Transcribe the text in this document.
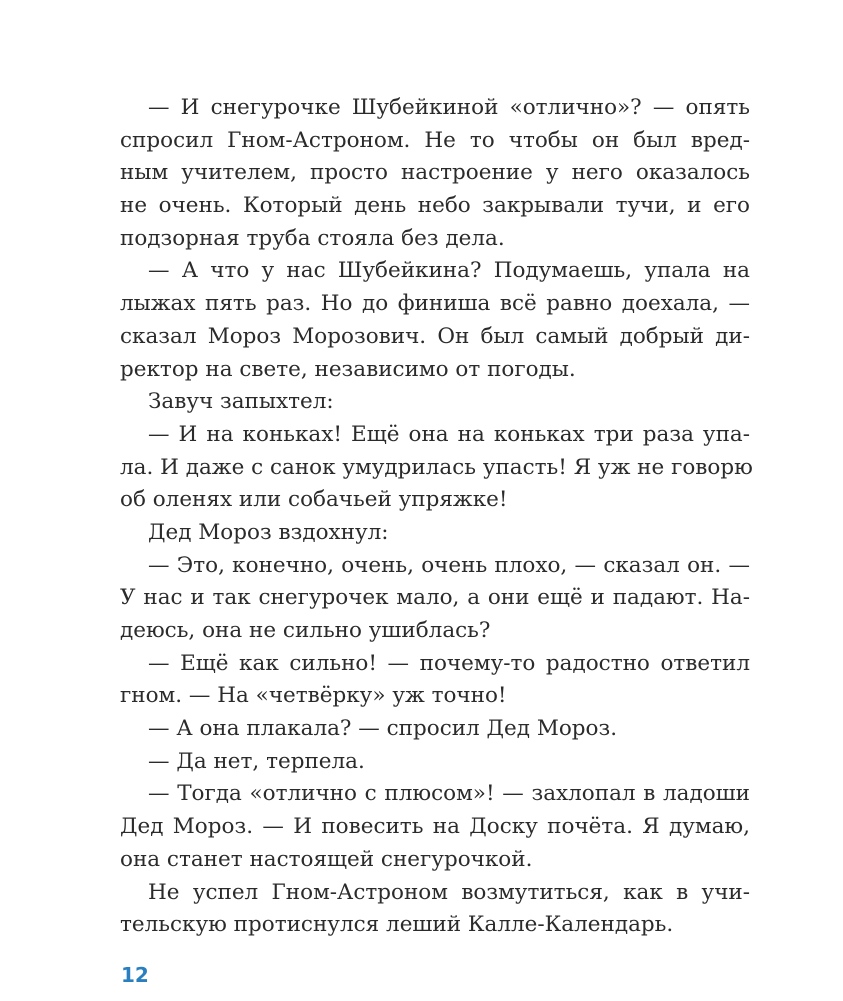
— И снегурочке Шубейкиной «отлично»? — опять
спросил Гном-Астроном. Не то чтобы он был вред-
ным учителем, просто настроение у него оказалось
не очень. Который день небо закрывали тучи, и его
подзорная труба стояла без дела.
— А что у нас Шубейкина? Подумаешь, упала на
лыжах пять раз. Но до финиша всё равно доехала, —
сказал Мороз Морозович. Он был самый добрый ди-
ректор на свете, независимо от погоды.
Завуч запыхтел:
— И на коньках! Ещё она на коньках три раза упа-
ла. И даже с санок умудрилась упасть! Я уж не говорю
об оленях или собачьей упряжке!
Дед Мороз вздохнул:
— Это, конечно, очень, очень плохо, — сказал он. —
У нас и так снегурочек мало, а они ещё и падают. На-
деюсь, она не сильно ушиблась?
— Ещё как сильно! — почему-то радостно ответил
гном. — На «четвёрку» уж точно!
— А она плакала? — спросил Дед Мороз.
— Да нет, терпела.
— Тогда «отлично с плюсом»! — захлопал в ладоши
Дед Мороз. — И повесить на Доску почёта. Я думаю,
она станет настоящей снегурочкой.
Не успел Гном-Астроном возмутиться, как в учи-
тельскую протиснулся леший Калле-Календарь.
12
